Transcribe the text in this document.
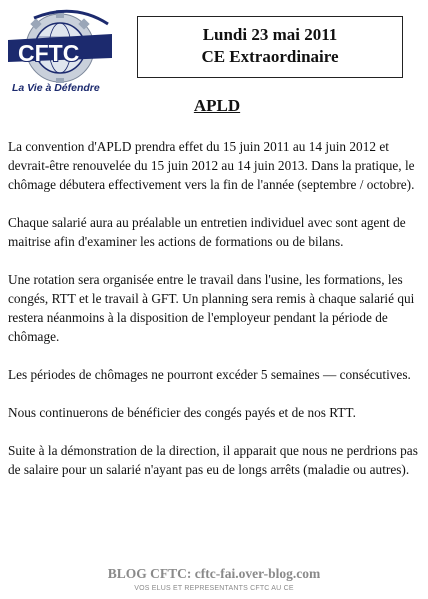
CFTC
La Vie à Défendre
Lundi 23 mai 2011
CE Extraordinaire
APLD

La convention d'APLD prendra effet du 15 juin 2011 au 14 juin 2012 et devrait-être renouvelée du 15 juin 2012 au 14 juin 2013. Dans la pratique, le chômage débutera effectivement vers la fin de l'année (septembre / octobre).

Chaque salarié aura au préalable un entretien individuel avec sont agent de maitrise afin d'examiner les actions de formations ou de bilans.

Une rotation sera organisée entre le travail dans l'usine, les formations, les congés, RTT et le travail à GFT. Un planning sera remis à chaque salarié qui restera néanmoins à la disposition de l'employeur pendant la période de chômage.

Les périodes de chômages ne pourront excéder 5 semaines — consécutives.

Nous continuerons de bénéficier des congés payés et de nos RTT.

Suite à la démonstration de la direction, il apparait que nous ne perdrions pas de salaire pour un salarié n'ayant pas eu de longs arrêts (maladie ou autres).

BLOG CFTC: cftc-fai.over-blog.com
VOS ELUS ET REPRESENTANTS CFTC AU CE
